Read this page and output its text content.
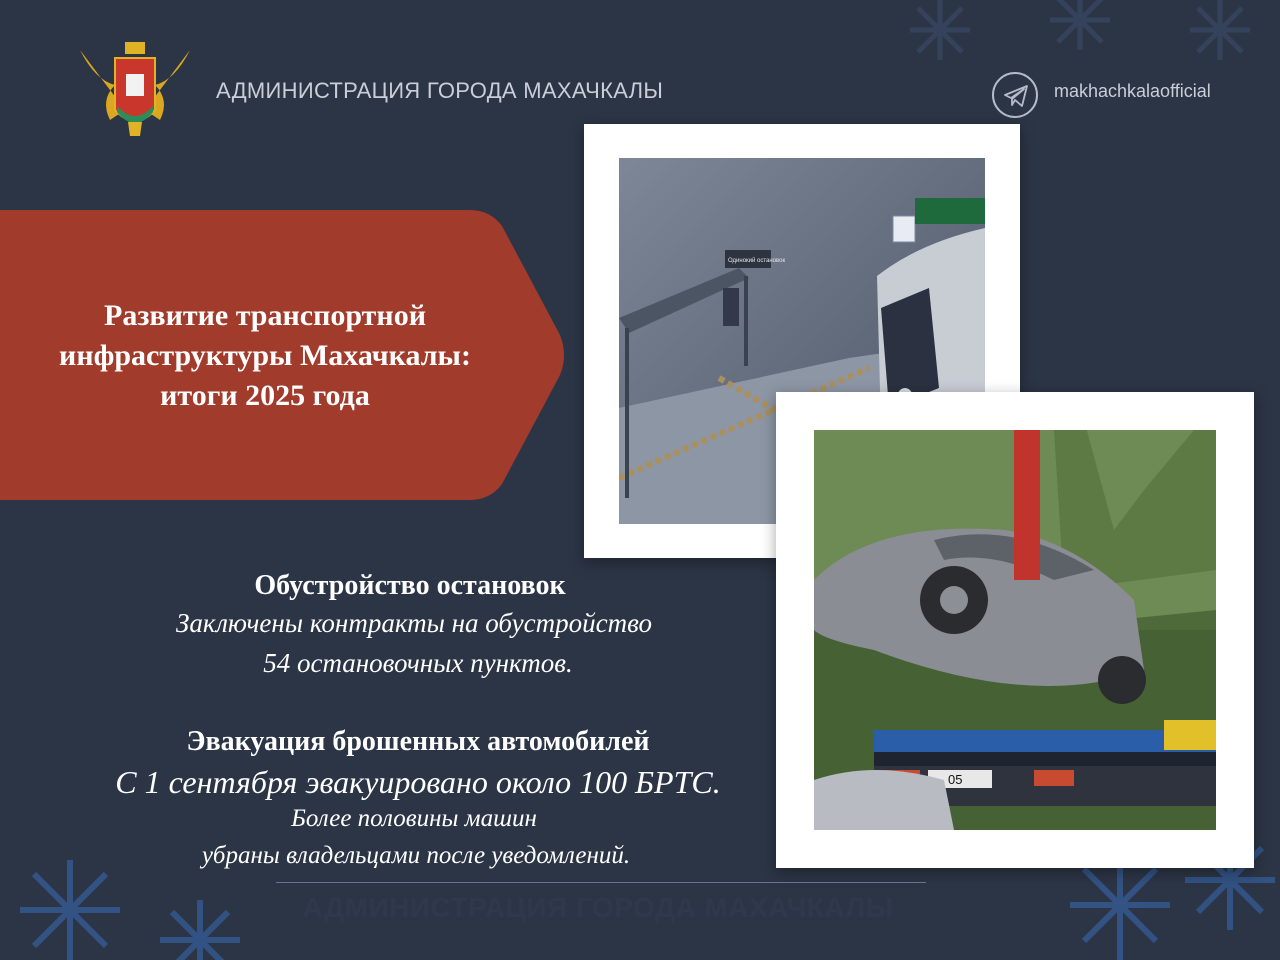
АДМИНИСТРАЦИЯ ГОРОДА МАХАЧКАЛЫ	makhachkalaofficial
Развитие транспортной
инфраструктуры Махачкалы:
итоги 2025 года
Одинокий остановок
05
Обустройство остановок
Заключены контракты на обустройство
54 остановочных пунктов.
Эвакуация брошенных автомобилей
С 1 сентября эвакуировано около 100 БРТС.
Более половины машин
убраны владельцами после уведомлений.
АДМИНИСТРАЦИЯ ГОРОДА МАХАЧКАЛЫ
